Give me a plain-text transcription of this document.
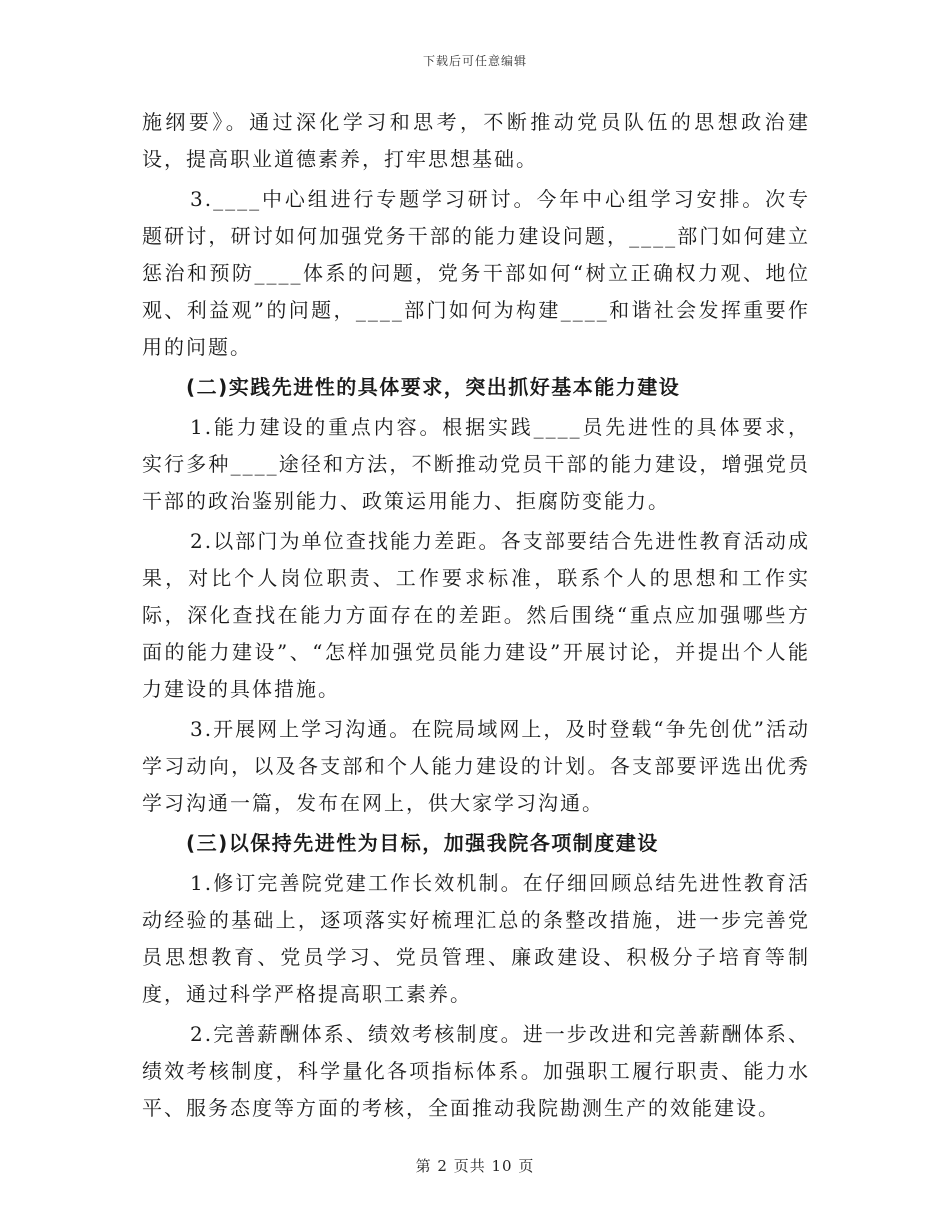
下载后可任意编辑

施纲要》。通过深化学习和思考，不断推动党员队伍的思想政治建设，提高职业道德素养，打牢思想基础。

3.____中心组进行专题学习研讨。今年中心组学习安排。次专题研讨，研讨如何加强党务干部的能力建设问题，____部门如何建立惩治和预防____体系的问题，党务干部如何“树立正确权力观、地位观、利益观”的问题，____部门如何为构建____和谐社会发挥重要作用的问题。

(二)实践先进性的具体要求，突出抓好基本能力建设

1.能力建设的重点内容。根据实践____员先进性的具体要求，实行多种____途径和方法，不断推动党员干部的能力建设，增强党员干部的政治鉴别能力、政策运用能力、拒腐防变能力。

2.以部门为单位查找能力差距。各支部要结合先进性教育活动成果，对比个人岗位职责、工作要求标准，联系个人的思想和工作实际，深化查找在能力方面存在的差距。然后围绕“重点应加强哪些方面的能力建设”、“怎样加强党员能力建设”开展讨论，并提出个人能力建设的具体措施。

3.开展网上学习沟通。在院局域网上，及时登载“争先创优”活动学习动向，以及各支部和个人能力建设的计划。各支部要评选出优秀学习沟通一篇，发布在网上，供大家学习沟通。

(三)以保持先进性为目标，加强我院各项制度建设

1.修订完善院党建工作长效机制。在仔细回顾总结先进性教育活动经验的基础上，逐项落实好梳理汇总的条整改措施，进一步完善党员思想教育、党员学习、党员管理、廉政建设、积极分子培育等制度，通过科学严格提高职工素养。

2.完善薪酬体系、绩效考核制度。进一步改进和完善薪酬体系、绩效考核制度，科学量化各项指标体系。加强职工履行职责、能力水平、服务态度等方面的考核，全面推动我院勘测生产的效能建设。

第 2 页共 10 页
